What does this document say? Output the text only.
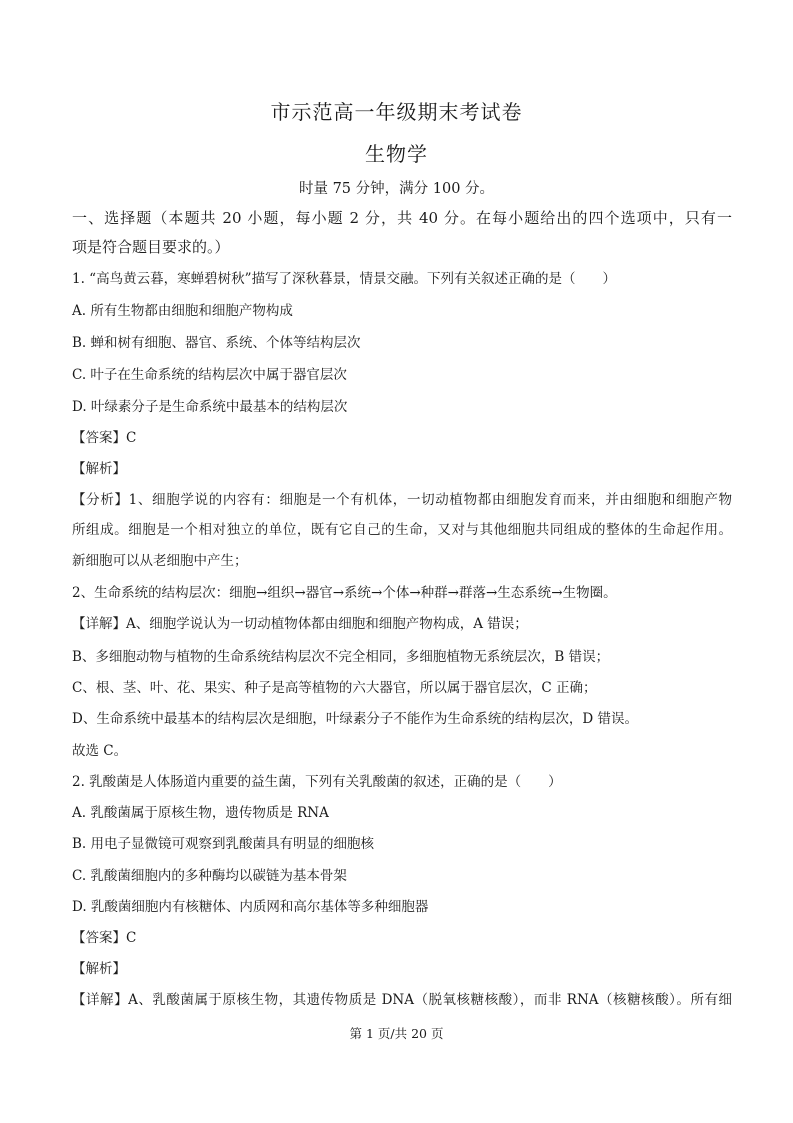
市示范高一年级期末考试卷
生物学
时量 75 分钟，满分 100 分。
一、选择题（本题共 20 小题，每小题 2 分，共 40 分。在每小题给出的四个选项中，只有一
项是符合题目要求的。）
1. “高鸟黄云暮，寒蝉碧树秋”描写了深秋暮景，情景交融。下列有关叙述正确的是（　　）
A. 所有生物都由细胞和细胞产物构成
B. 蝉和树有细胞、器官、系统、个体等结构层次
C. 叶子在生命系统的结构层次中属于器官层次
D. 叶绿素分子是生命系统中最基本的结构层次
【答案】C
【解析】
【分析】1、细胞学说的内容有：细胞是一个有机体，一切动植物都由细胞发育而来，并由细胞和细胞产物
所组成。细胞是一个相对独立的单位，既有它自己的生命，又对与其他细胞共同组成的整体的生命起作用。
新细胞可以从老细胞中产生；
2、生命系统的结构层次：细胞→组织→器官→系统→个体→种群→群落→生态系统→生物圈。
【详解】A、细胞学说认为一切动植物体都由细胞和细胞产物构成，A 错误；
B、多细胞动物与植物的生命系统结构层次不完全相同，多细胞植物无系统层次，B 错误；
C、根、茎、叶、花、果实、种子是高等植物的六大器官，所以属于器官层次，C 正确；
D、生命系统中最基本的结构层次是细胞，叶绿素分子不能作为生命系统的结构层次，D 错误。
故选 C。
2. 乳酸菌是人体肠道内重要的益生菌，下列有关乳酸菌的叙述，正确的是（　　）
A. 乳酸菌属于原核生物，遗传物质是 RNA
B. 用电子显微镜可观察到乳酸菌具有明显的细胞核
C. 乳酸菌细胞内的多种酶均以碳链为基本骨架
D. 乳酸菌细胞内有核糖体、内质网和高尔基体等多种细胞器
【答案】C
【解析】
【详解】A、乳酸菌属于原核生物，其遗传物质是 DNA（脱氧核糖核酸），而非 RNA（核糖核酸）。所有细
第 1 页/共 20 页
